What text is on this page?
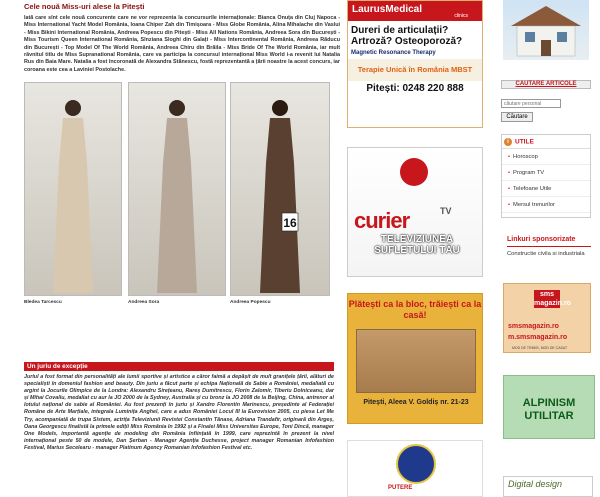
Cele nouă Miss-uri alese la Pitești
Iată care sînt cele nouă concurente care ne vor reprezenta la concursurile internaționale: Bianca Onuța din Cluj Napoca - Miss International Yacht Model România, Ioana Chiper Zah din Timișoara - Miss Globe România, Alina Mihalache din Vaslui - Miss Bikini International România, Andreea Popescu din Pitești - Miss All Nations România, Andreea Sora din București - Miss Tourism Queen International România, Sînziana Sloghi din Galați - Miss Intercontinental România, Andreea Răducu din București - Top Model Of The World România, Andreea Chiru din Brăila - Miss Bride Of The World România, iar mult râvnitul titlu de Miss Supranational România, care va participa la concursul internațional Miss World i-a revenit lui Natalia Rus din Baia Mare. Natalia a fost încoronată de Alexandra Stănescu, fostă reprezentantă a țării noastre la acest concurs, iar coroana este cea a Laviniei Postolache.
16
Bledea Tarcescu	Andreea Sora	Andreea Popescu
Un juriu de excepție
Juriul a fost format din personalități ale lumii sportive și artistice a căror faimă a depășit de mult granițele țării, alături de specialiști în domeniul fashion and beauty. Din juriu a făcut parte și echipa Națională de Sabie a României, medaliată cu argint la Jocurile Olimpice de la Londra: Alexandru Sirețeanu, Rareș Dumitrescu, Florin Zalomir, Tiberiu Dolniceanu, dar și Mihai Covaliu, medaliat cu aur la JO 2000 de la Sydney, Australia și cu bronz la JO 2008 de la Beijing, China, antrenor al lotului național de sabie al României. Au fost prezenți în juriu și Xandro Florentin Marinescu, președinte al Federației Române de Arte Marțiale, integrala Luminița Anghel, care a adus României Locul III la Eurovision 2005, cu piesa Let Me Try, acompaniată de trupa Sistem, actrița Televiziunii Revistei Constantin Tănase, Adriana Trandafir, originară din Argeș, Oana Georgescu finalistă la primele ediții Miss România în 1992 și a Finalei Miss Universitas Europe, Toni Dincă, manager One Models, importantă agenție de modeling din România înființată în 1999, care reprezintă în prezent la nivel internațional peste 50 de modele, Dan Șerban - Manager Agenția Duchesse, project manager Romanian Infofashion Festival, Marius Secelearu - manager Platinum Agency Romanian Infofashion Festival etc.
LaurusMedical
clinics
Dureri de articulații? Artroză? Osteoporoză?
Magnetic Resonance Therapy
Terapie Unică în România MBST
Pitești: 0248 220 888
curier	TV
TELEVIZIUNEA SUFLETULUI TĂU
Plătești ca la bloc, trăiești ca la casă!
Pitești, Aleea V. Goldiș nr. 21-23
PUTERE
CAUTARE ARTICOLE
căutare personal
Căutare
i UTILE
• Horoscop
• Program TV
• Telefoane Utile
• Mersul trenurilor
Linkuri sponsorizate
Constructie civila si industriala
sms magazin.ro
smsmagazin.ro
m.smsmagazin.ro
MOD DE TRIMIS, MOD DE CASAT
ALPINISM UTILITAR
Digital design
